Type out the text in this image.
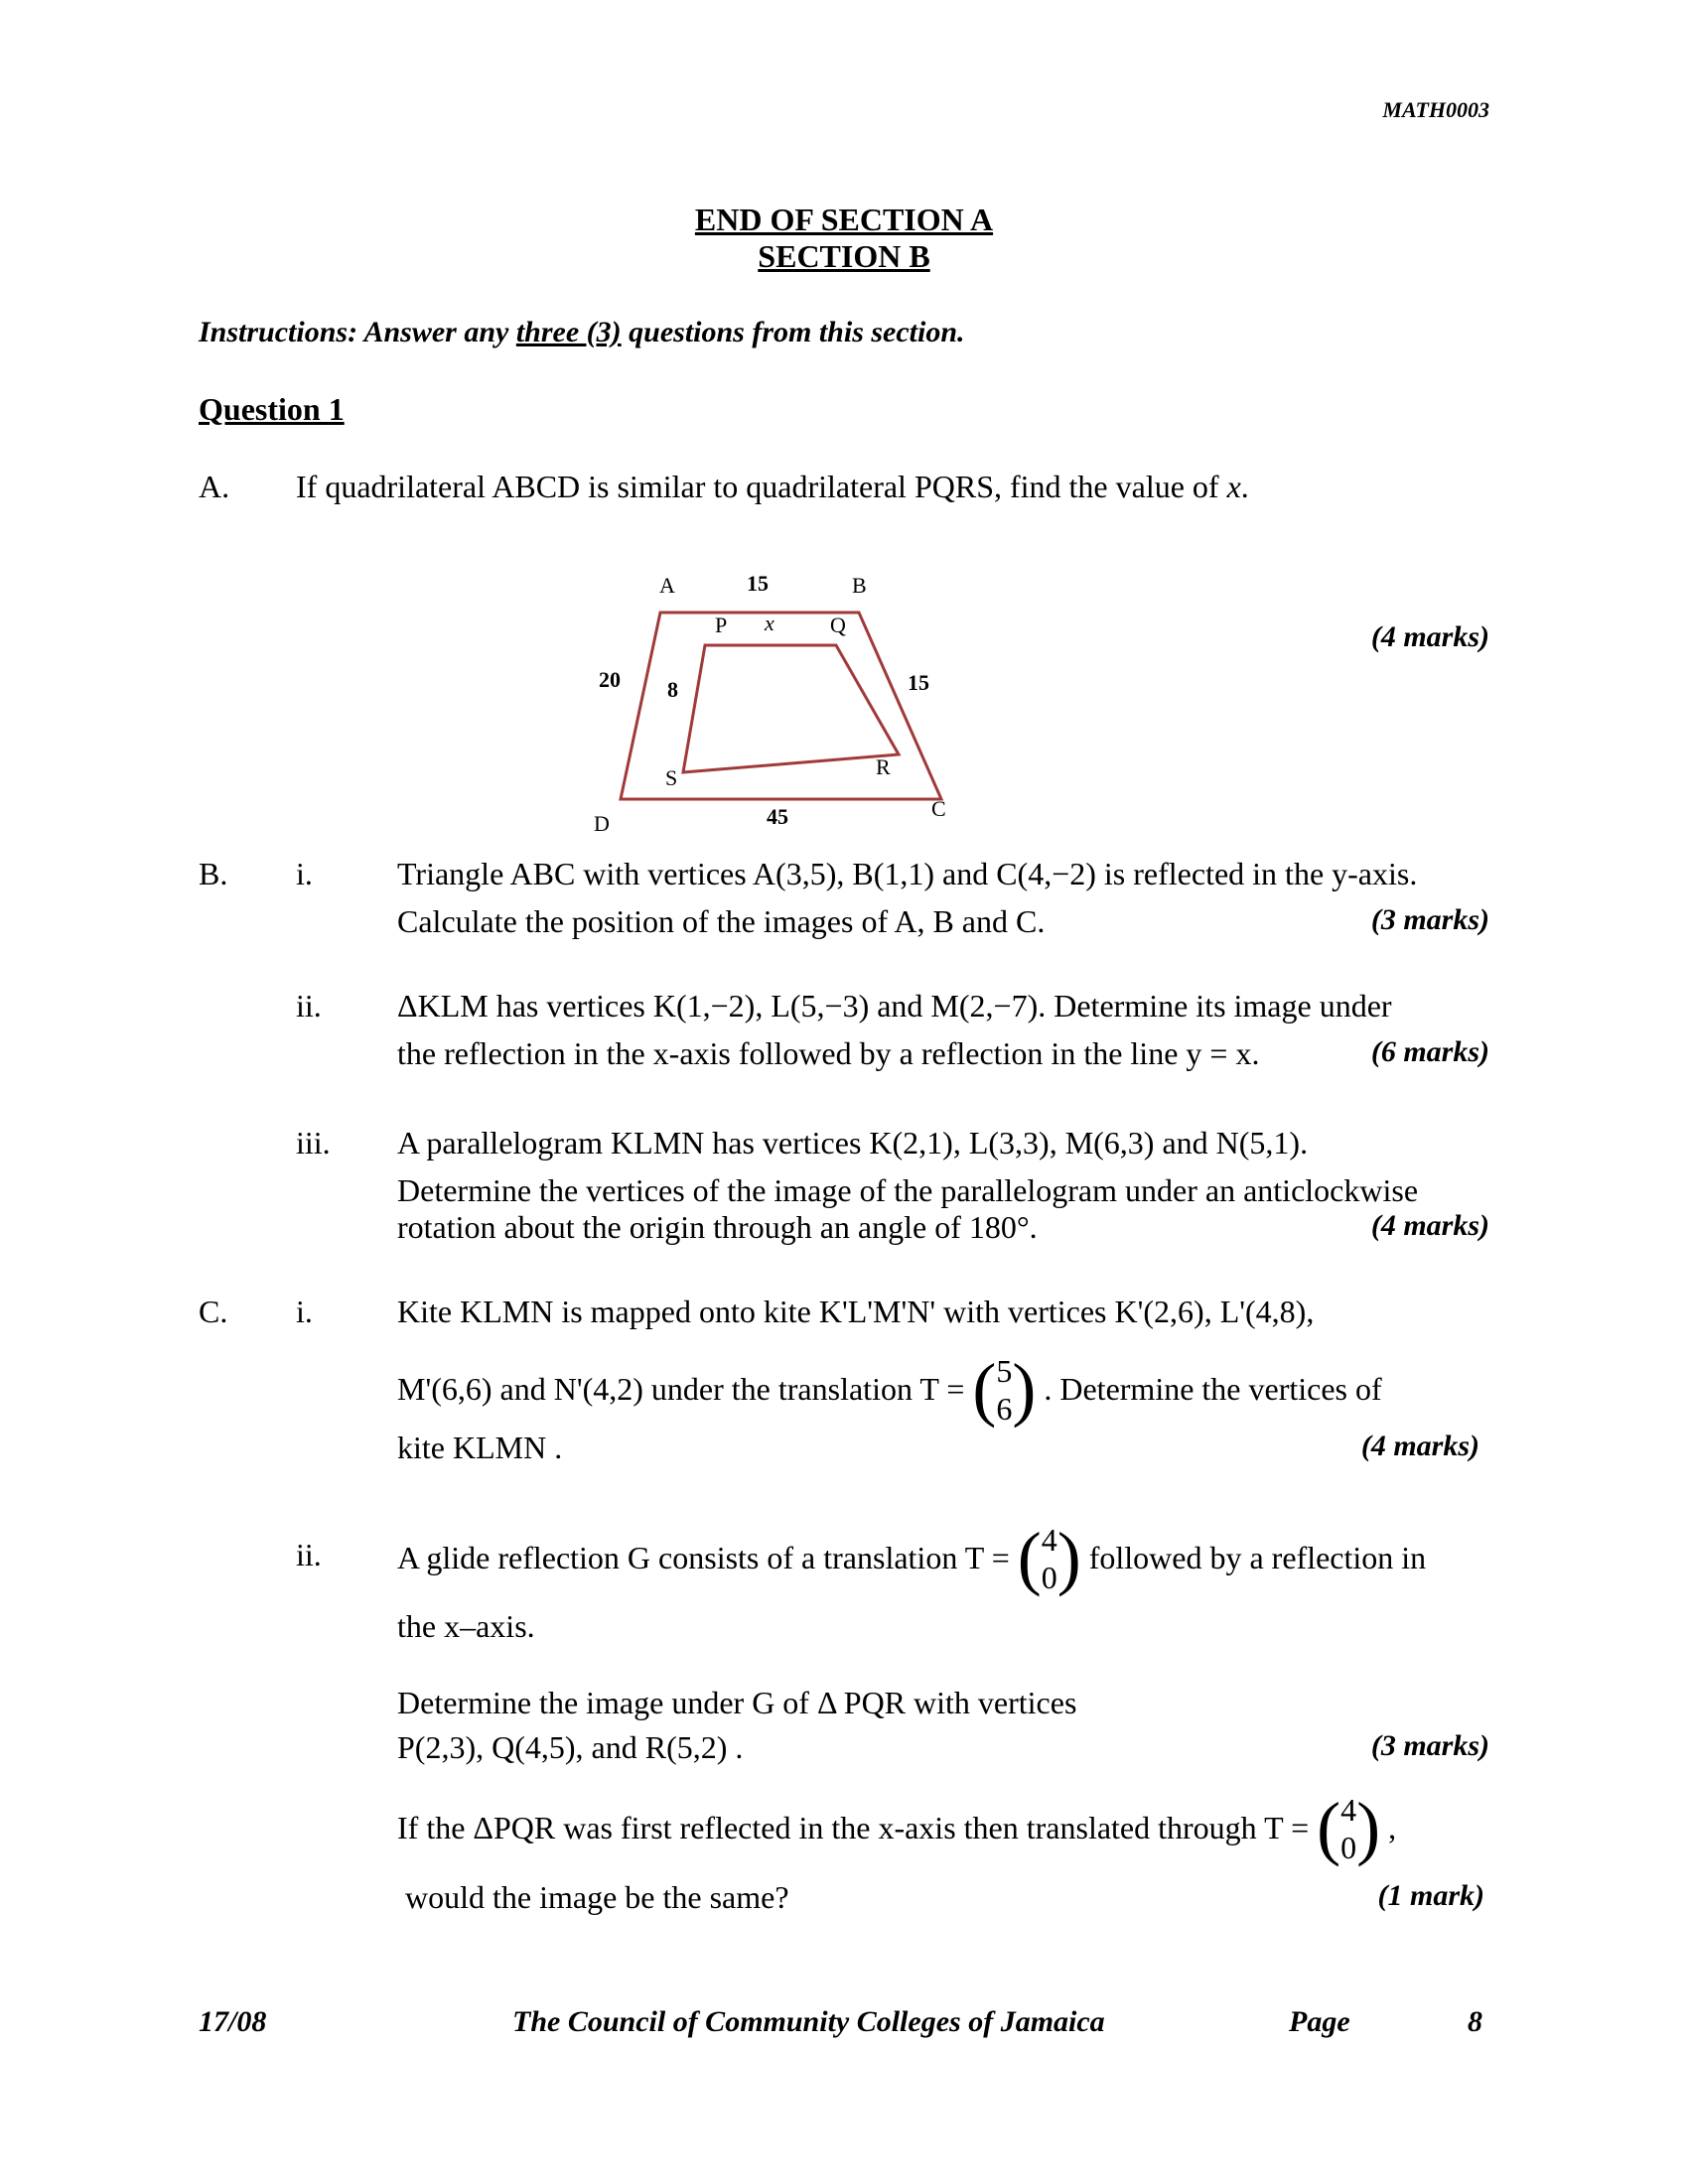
MATH0003
END OF SECTION A
SECTION B
Instructions: Answer any three (3) questions from this section.
Question 1
A. If quadrilateral ABCD is similar to quadrilateral PQRS, find the value of x.
A	B
C
D
P	Q
R
S
x
15
15
20 8
45
(4 marks)
B. i.	Triangle ABC with vertices A(3,5), B(1,1) and C(4,−2) is reflected in the y-axis.
Calculate the position of the images of A, B and C.	(3 marks)
ii. ΔKLM has vertices K(1,−2), L(5,−3) and M(2,−7). Determine its image under
the reflection in the x-axis followed by a reflection in the line y = x.	(6 marks)
iii. A parallelogram KLMN has vertices K(2,1), L(3,3), M(6,3) and N(5,1).
Determine the vertices of the image of the parallelogram under an anticlockwise
rotation about the origin through an angle of 180°.	(4 marks)
C. i.	Kite KLMN is mapped onto kite K'L'M'N' with vertices K'(2,6), L'(4,8),
M'(6,6) and N'(4,2) under the translation T = ( 5
6 ) . Determine the vertices of
kite KLMN .	(4 marks)
ii. A glide reflection G consists of a translation T = ( 4
0 ) followed by a reflection in
the x–axis.
Determine the image under G of Δ PQR with vertices
P(2,3), Q(4,5), and R(5,2) .	(3 marks)
If the ΔPQR was first reflected in the x-axis then translated through T = ( 4
0 ) ,
would the image be the same?	(1 mark)
17/08	The Council of Community Colleges of Jamaica	Page	8
